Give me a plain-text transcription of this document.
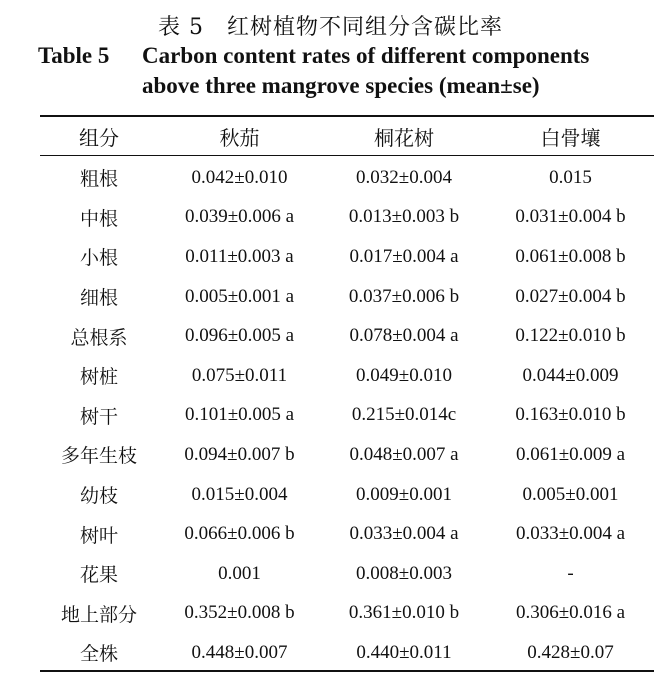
表 5　红树植物不同组分含碳比率
Table 5 Carbon content rates of different components
above three mangrove species (mean±se)
组分	秋茄	桐花树	白骨壤
粗根	0.042±0.010	0.032±0.004	0.015
中根	0.039±0.006 a	0.013±0.003 b	0.031±0.004 b
小根	0.011±0.003 a	0.017±0.004 a	0.061±0.008 b
细根	0.005±0.001 a	0.037±0.006 b	0.027±0.004 b
总根系	0.096±0.005 a	0.078±0.004 a	0.122±0.010 b
树桩	0.075±0.011	0.049±0.010	0.044±0.009
树干	0.101±0.005 a	0.215±0.014c	0.163±0.010 b
多年生枝	0.094±0.007 b	0.048±0.007 a	0.061±0.009 a
幼枝	0.015±0.004	0.009±0.001	0.005±0.001
树叶	0.066±0.006 b	0.033±0.004 a	0.033±0.004 a
花果	0.001	0.008±0.003	-
地上部分	0.352±0.008 b	0.361±0.010 b	0.306±0.016 a
全株	0.448±0.007	0.440±0.011	0.428±0.07
